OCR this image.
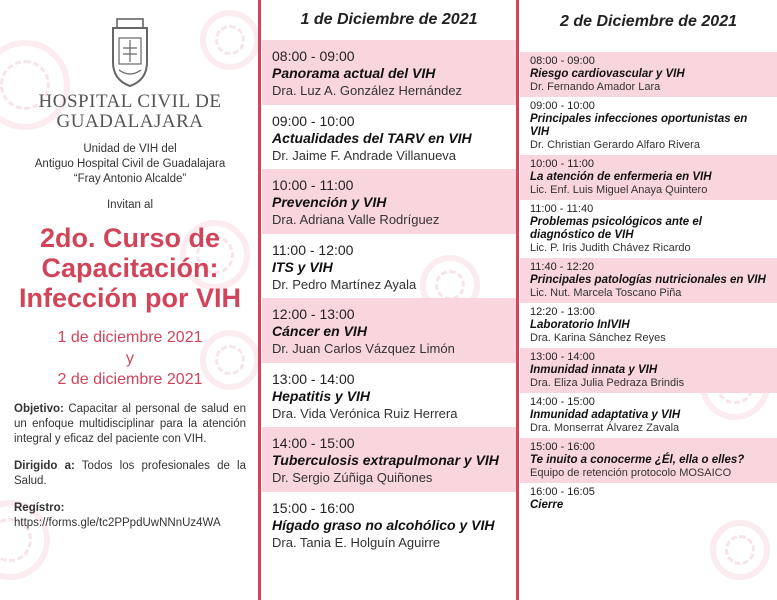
HOSPITAL CIVIL DE
GUADALAJARA
Unidad de VIH del
Antiguo Hospital Civil de Guadalajara
“Fray Antonio Alcalde”
Invitan al
2do. Curso de
Capacitación:
Infección por VIH
1 de diciembre 2021
y
2 de diciembre 2021
Objetivo: Capacitar al personal de salud en un enfoque multidisciplinar para la atención integral y eficaz del paciente con VIH.
Dirigido a: Todos los profesionales de la Salud.
Regístro:
https://forms.gle/tc2PPpdUwNNnUz4WA
1 de Diciembre de 2021
08:00 - 09:00
Panorama actual del VIH
Dra. Luz A. González Hernández
09:00 - 10:00
Actualidades del TARV en VIH
Dr. Jaime F. Andrade Villanueva
10:00 - 11:00
Prevención y VIH
Dra. Adriana Valle Rodríguez
11:00 - 12:00
ITS y VIH
Dr. Pedro Martínez Ayala
12:00 - 13:00
Cáncer en VIH
Dr. Juan Carlos Vázquez Limón
13:00 - 14:00
Hepatitis y VIH
Dra. Vida Verónica Ruiz Herrera
14:00 - 15:00
Tuberculosis extrapulmonar y VIH
Dr. Sergio Zúñiga Quiñones
15:00 - 16:00
Hígado graso no alcohólico y VIH
Dra. Tania E. Holguín Aguirre
2 de Diciembre de 2021
08:00 - 09:00
Riesgo cardiovascular y VIH
Dr. Fernando Amador Lara
09:00 - 10:00
Principales infecciones oportunistas en VIH
Dr. Christian Gerardo Alfaro Rivera
10:00 - 11:00
La atención de enfermeria en VIH
Lic. Enf. Luis Miguel Anaya Quintero
11:00 - 11:40
Problemas psicológicos ante el
diagnóstico de VIH
Lic. P. Iris Judith Chávez Ricardo
11:40 - 12:20
Principales patologías nutricionales en VIH
Lic. Nut. Marcela Toscano Piña
12:20 - 13:00
Laboratorio InIVIH
Dra. Karina Sánchez Reyes
13:00 - 14:00
Inmunidad innata y VIH
Dra. Eliza Julia Pedraza Brindis
14:00 - 15:00
Inmunidad adaptativa y VIH
Dra. Monserrat Álvarez Zavala
15:00 - 16:00
Te inuito a conocerme ¿Él, ella o elles?
Equipo de retención protocolo MOSAICO
16:00 - 16:05
Cierre
